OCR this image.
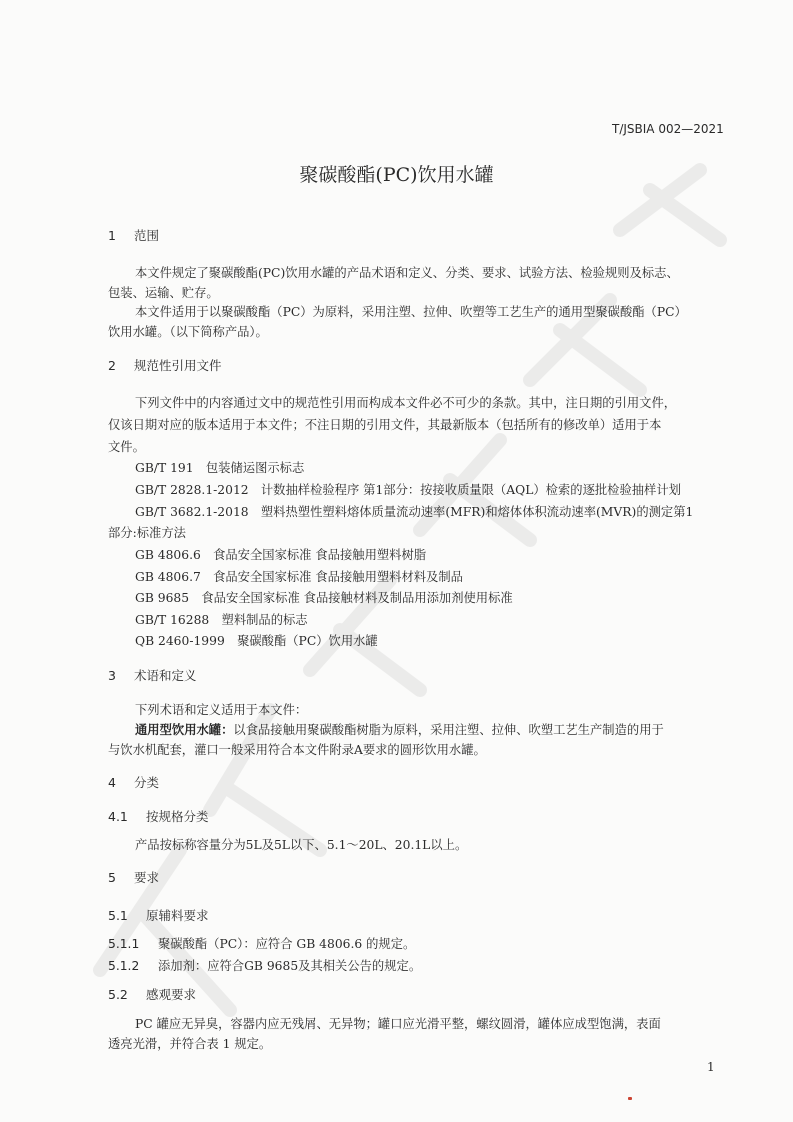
T/JSBIA 002—2021
聚碳酸酯(PC)饮用水罐
1 范围
本文件规定了聚碳酸酯(PC)饮用水罐的产品术语和定义、分类、要求、试验方法、检验规则及标志、
包装、运输、贮存。
本文件适用于以聚碳酸酯（PC）为原料，采用注塑、拉伸、吹塑等工艺生产的通用型聚碳酸酯（PC）
饮用水罐。（以下简称产品）。
2 规范性引用文件
下列文件中的内容通过文中的规范性引用而构成本文件必不可少的条款。其中，注日期的引用文件，
仅该日期对应的版本适用于本文件；不注日期的引用文件，其最新版本（包括所有的修改单）适用于本
文件。
GB/T 191　包装储运图示标志
GB/T 2828.1-2012　计数抽样检验程序 第1部分：按接收质量限（AQL）检索的逐批检验抽样计划
GB/T 3682.1-2018　塑料热塑性塑料熔体质量流动速率(MFR)和熔体体积流动速率(MVR)的测定第1
部分:标准方法
GB 4806.6　食品安全国家标准 食品接触用塑料树脂
GB 4806.7　食品安全国家标准 食品接触用塑料材料及制品
GB 9685　食品安全国家标准 食品接触材料及制品用添加剂使用标准
GB/T 16288　塑料制品的标志
QB 2460-1999　聚碳酸酯（PC）饮用水罐
3 术语和定义
下列术语和定义适用于本文件：
通用型饮用水罐：以食品接触用聚碳酸酯树脂为原料，采用注塑、拉伸、吹塑工艺生产制造的用于
与饮水机配套，灌口一般采用符合本文件附录A要求的圆形饮用水罐。
4 分类
4.1 按规格分类
产品按标称容量分为5L及5L以下、5.1～20L、20.1L以上。
5 要求
5.1 原辅料要求
5.1.1 聚碳酸酯（PC）：应符合 GB 4806.6 的规定。
5.1.2 添加剂：应符合GB 9685及其相关公告的规定。
5.2 感观要求
PC 罐应无异臭，容器内应无残屑、无异物；罐口应光滑平整，螺纹圆滑，罐体应成型饱满，表面
透亮光滑，并符合表 1 规定。
1
